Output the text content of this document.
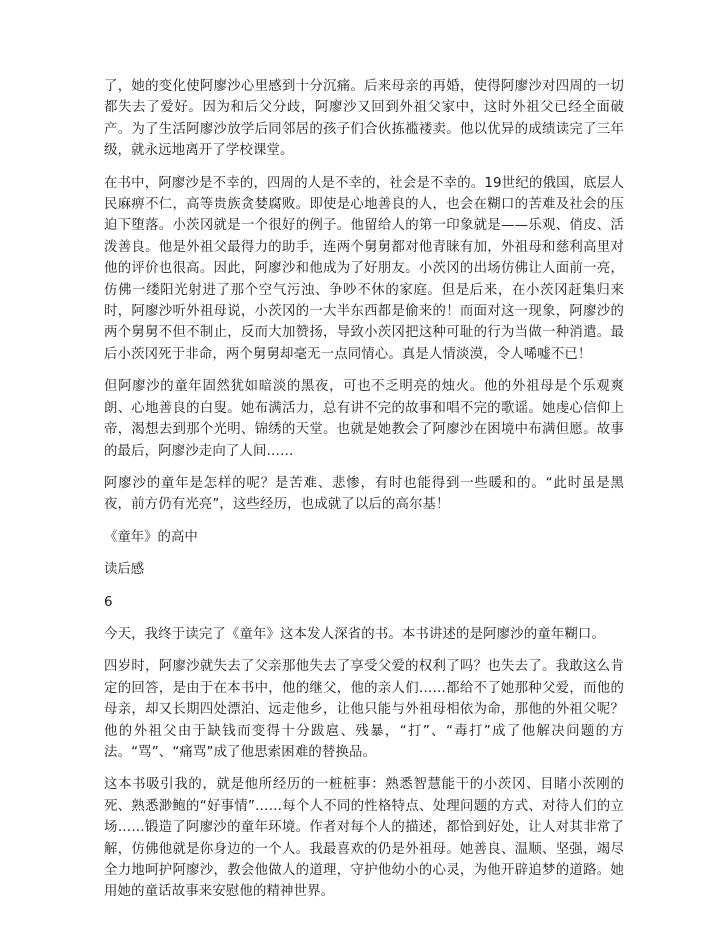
了，她的变化使阿廖沙心里感到十分沉痛。后来母亲的再婚，使得阿廖沙对四周的一切都失去了爱好。因为和后父分歧，阿廖沙又回到外祖父家中，这时外祖父已经全面破产。为了生活阿廖沙放学后同邻居的孩子们合伙拣褴褛卖。他以优异的成绩读完了三年级，就永远地离开了学校课堂。

在书中，阿廖沙是不幸的，四周的人是不幸的，社会是不幸的。19世纪的俄国，底层人民麻痹不仁，高等贵族贪婪腐败。即使是心地善良的人，也会在糊口的苦难及社会的压迫下堕落。小茨冈就是一个很好的例子。他留给人的第一印象就是——乐观、俏皮、活泼善良。他是外祖父最得力的助手，连两个舅舅都对他青睐有加，外祖母和慈利高里对他的评价也很高。因此，阿廖沙和他成为了好朋友。小茨冈的出场仿佛让人面前一亮，仿佛一缕阳光射进了那个空气污浊、争吵不休的家庭。但是后来，在小茨冈赶集归来时，阿廖沙听外祖母说，小茨冈的一大半东西都是偷来的！而面对这一现象，阿廖沙的两个舅舅不但不制止，反而大加赞扬，导致小茨冈把这种可耻的行为当做一种消遣。最后小茨冈死于非命，两个舅舅却毫无一点同情心。真是人情淡漠，令人唏嘘不已！

但阿廖沙的童年固然犹如暗淡的黑夜，可也不乏明亮的烛火。他的外祖母是个乐观爽朗、心地善良的白叟。她布满活力，总有讲不完的故事和唱不完的歌谣。她虔心信仰上帝，渴想去到那个光明、锦绣的天堂。也就是她教会了阿廖沙在困境中布满但愿。故事的最后，阿廖沙走向了人间……

阿廖沙的童年是怎样的呢？是苦难、悲惨，有时也能得到一些暖和的。“此时虽是黑夜，前方仍有光亮”，这些经历，也成就了以后的高尔基！

《童年》的高中

读后感

6

今天，我终于读完了《童年》这本发人深省的书。本书讲述的是阿廖沙的童年糊口。

四岁时，阿廖沙就失去了父亲那他失去了享受父爱的权利了吗？也失去了。我敢这么肯定的回答，是由于在本书中，他的继父，他的亲人们……都给不了她那种父爱，而他的母亲，却又长期四处漂泊、远走他乡，让他只能与外祖母相依为命，那他的外祖父呢？他的外祖父由于缺钱而变得十分跋扈、残暴，“打”、“毒打”成了他解决问题的方法。“骂”、“痛骂”成了他思索困难的替换品。

这本书吸引我的，就是他所经历的一桩桩事：熟悉智慧能干的小茨冈、目睹小茨刚的死、熟悉渺鲍的“好事情”……每个人不同的性格特点、处理问题的方式、对待人们的立场……锻造了阿廖沙的童年环境。作者对每个人的描述，都恰到好处，让人对其非常了解，仿佛他就是你身边的一个人。我最喜欢的仍是外祖母。她善良、温顺、坚强，竭尽全力地呵护阿廖沙，教会他做人的道理，守护他幼小的心灵，为他开辟追梦的道路。她用她的童话故事来安慰他的精神世界。
